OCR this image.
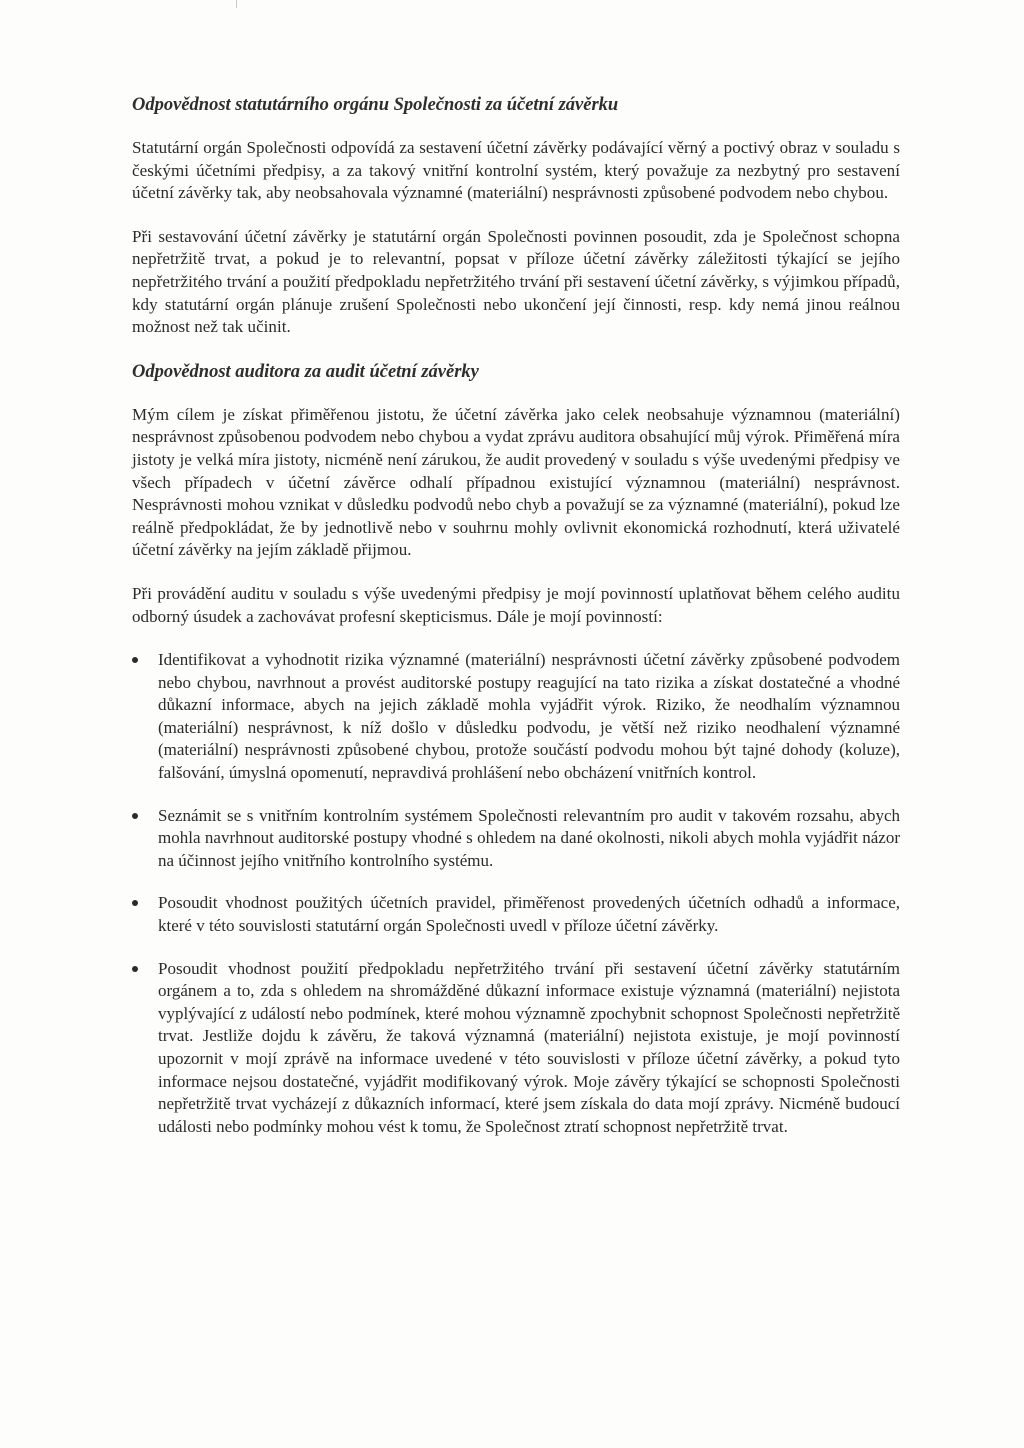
Odpovědnost statutárního orgánu Společnosti za účetní závěrku

Statutární orgán Společnosti odpovídá za sestavení účetní závěrky podávající věrný a poctivý obraz v souladu s českými účetními předpisy, a za takový vnitřní kontrolní systém, který považuje za nezbytný pro sestavení účetní závěrky tak, aby neobsahovala významné (materiální) nesprávnosti způsobené podvodem nebo chybou.

Při sestavování účetní závěrky je statutární orgán Společnosti povinnen posoudit, zda je Společnost schopna nepřetržitě trvat, a pokud je to relevantní, popsat v příloze účetní závěrky záležitosti týkající se jejího nepřetržitého trvání a použití předpokladu nepřetržitého trvání při sestavení účetní závěrky, s výjimkou případů, kdy statutární orgán plánuje zrušení Společnosti nebo ukončení její činnosti, resp. kdy nemá jinou reálnou možnost než tak učinit.

Odpovědnost auditora za audit účetní závěrky

Mým cílem je získat přiměřenou jistotu, že účetní závěrka jako celek neobsahuje významnou (materiální) nesprávnost způsobenou podvodem nebo chybou a vydat zprávu auditora obsahující můj výrok. Přiměřená míra jistoty je velká míra jistoty, nicméně není zárukou, že audit provedený v souladu s výše uvedenými předpisy ve všech případech v účetní závěrce odhalí případnou existující významnou (materiální) nesprávnost. Nesprávnosti mohou vznikat v důsledku podvodů nebo chyb a považují se za významné (materiální), pokud lze reálně předpokládat, že by jednotlivě nebo v souhrnu mohly ovlivnit ekonomická rozhodnutí, která uživatelé účetní závěrky na jejím základě přijmou.

Při provádění auditu v souladu s výše uvedenými předpisy je mojí povinností uplatňovat během celého auditu odborný úsudek a zachovávat profesní skepticismus. Dále je mojí povinností:

Identifikovat a vyhodnotit rizika významné (materiální) nesprávnosti účetní závěrky způsobené podvodem nebo chybou, navrhnout a provést auditorské postupy reagující na tato rizika a získat dostatečné a vhodné důkazní informace, abych na jejich základě mohla vyjádřit výrok. Riziko, že neodhalím významnou (materiální) nesprávnost, k níž došlo v důsledku podvodu, je větší než riziko neodhalení významné (materiální) nesprávnosti způsobené chybou, protože součástí podvodu mohou být tajné dohody (koluze), falšování, úmyslná opomenutí, nepravdivá prohlášení nebo obcházení vnitřních kontrol.
Seznámit se s vnitřním kontrolním systémem Společnosti relevantním pro audit v takovém rozsahu, abych mohla navrhnout auditorské postupy vhodné s ohledem na dané okolnosti, nikoli abych mohla vyjádřit názor na účinnost jejího vnitřního kontrolního systému.
Posoudit vhodnost použitých účetních pravidel, přiměřenost provedených účetních odhadů a informace, které v této souvislosti statutární orgán Společnosti uvedl v příloze účetní závěrky.
Posoudit vhodnost použití předpokladu nepřetržitého trvání při sestavení účetní závěrky statutárním orgánem a to, zda s ohledem na shromážděné důkazní informace existuje významná (materiální) nejistota vyplývající z událostí nebo podmínek, které mohou významně zpochybnit schopnost Společnosti nepřetržitě trvat. Jestliže dojdu k závěru, že taková významná (materiální) nejistota existuje, je mojí povinností upozornit v mojí zprávě na informace uvedené v této souvislosti v příloze účetní závěrky, a pokud tyto informace nejsou dostatečné, vyjádřit modifikovaný výrok. Moje závěry týkající se schopnosti Společnosti nepřetržitě trvat vycházejí z důkazních informací, které jsem získala do data mojí zprávy. Nicméně budoucí události nebo podmínky mohou vést k tomu, že Společnost ztratí schopnost nepřetržitě trvat.
